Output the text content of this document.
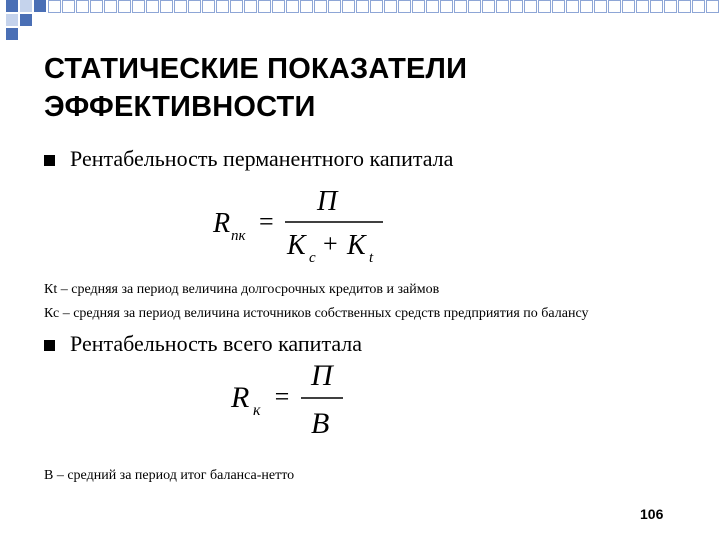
СТАТИЧЕСКИЕ ПОКАЗАТЕЛИ
ЭФФЕКТИВНОСТИ
Рентабельность перманентного капитала
R пк =
П
K c + K t
Кt – средняя за период величина долгосрочных кредитов и займов
Кс – средняя за период величина источников собственных средств предприятия по балансу
Рентабельность всего капитала
R к =
П
В
В – средний за период итог баланса-нетто
106
